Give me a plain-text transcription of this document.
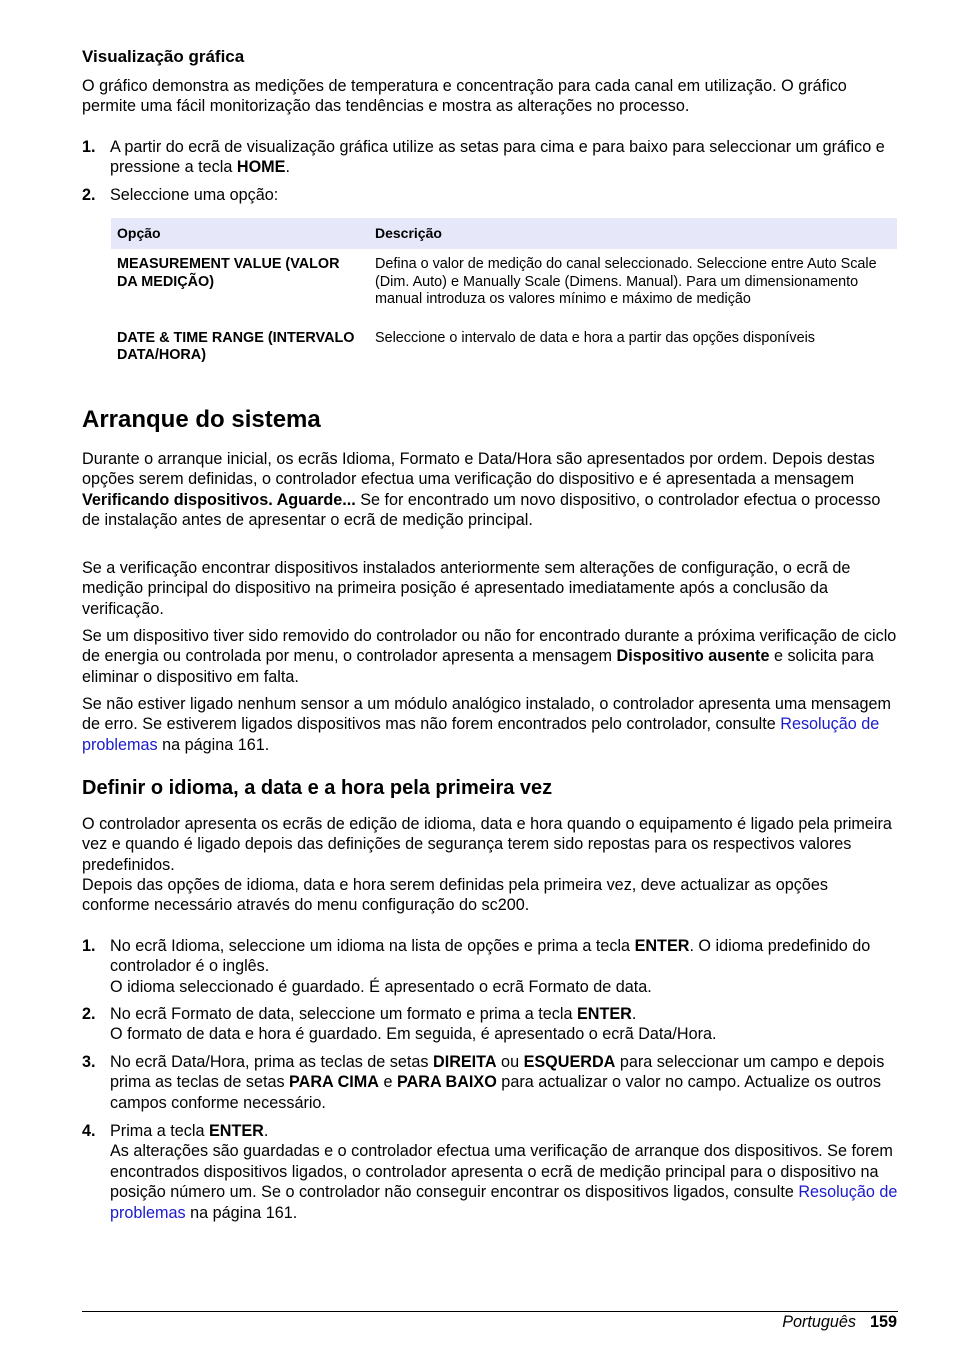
Visualização gráfica

O gráfico demonstra as medições de temperatura e concentração para cada canal em utilização. O gráfico permite uma fácil monitorização das tendências e mostra as alterações no processo.

1. A partir do ecrã de visualização gráfica utilize as setas para cima e para baixo para seleccionar um gráfico e pressione a tecla HOME.

2. Seleccione uma opção:

Opção	Descrição
MEASUREMENT VALUE (VALOR DA MEDIÇÃO)	Defina o valor de medição do canal seleccionado. Seleccione entre Auto Scale (Dim. Auto) e Manually Scale (Dimens. Manual). Para um dimensionamento manual introduza os valores mínimo e máximo de medição
DATE & TIME RANGE (INTERVALO DATA/HORA)	Seleccione o intervalo de data e hora a partir das opções disponíveis
Arranque do sistema

Durante o arranque inicial, os ecrãs Idioma, Formato e Data/Hora são apresentados por ordem. Depois destas opções serem definidas, o controlador efectua uma verificação do dispositivo e é apresentada a mensagem Verificando dispositivos. Aguarde... Se for encontrado um novo dispositivo, o controlador efectua o processo de instalação antes de apresentar o ecrã de medição principal.

Se a verificação encontrar dispositivos instalados anteriormente sem alterações de configuração, o ecrã de medição principal do dispositivo na primeira posição é apresentado imediatamente após a conclusão da verificação.

Se um dispositivo tiver sido removido do controlador ou não for encontrado durante a próxima verificação de ciclo de energia ou controlada por menu, o controlador apresenta a mensagem Dispositivo ausente e solicita para eliminar o dispositivo em falta.

Se não estiver ligado nenhum sensor a um módulo analógico instalado, o controlador apresenta uma mensagem de erro. Se estiverem ligados dispositivos mas não forem encontrados pelo controlador, consulte Resolução de problemas na página 161.

Definir o idioma, a data e a hora pela primeira vez

O controlador apresenta os ecrãs de edição de idioma, data e hora quando o equipamento é ligado pela primeira vez e quando é ligado depois das definições de segurança terem sido repostas para os respectivos valores predefinidos.

Depois das opções de idioma, data e hora serem definidas pela primeira vez, deve actualizar as opções conforme necessário através do menu configuração do sc200.

1. No ecrã Idioma, seleccione um idioma na lista de opções e prima a tecla ENTER. O idioma predefinido do controlador é o inglês.

O idioma seleccionado é guardado. É apresentado o ecrã Formato de data.

2. No ecrã Formato de data, seleccione um formato e prima a tecla ENTER.

O formato de data e hora é guardado. Em seguida, é apresentado o ecrã Data/Hora.

3. No ecrã Data/Hora, prima as teclas de setas DIREITA ou ESQUERDA para seleccionar um campo e depois prima as teclas de setas PARA CIMA e PARA BAIXO para actualizar o valor no campo. Actualize os outros campos conforme necessário.

4. Prima a tecla ENTER.

As alterações são guardadas e o controlador efectua uma verificação de arranque dos dispositivos. Se forem encontrados dispositivos ligados, o controlador apresenta o ecrã de medição principal para o dispositivo na posição número um. Se o controlador não conseguir encontrar os dispositivos ligados, consulte Resolução de problemas na página 161.

Português 159
